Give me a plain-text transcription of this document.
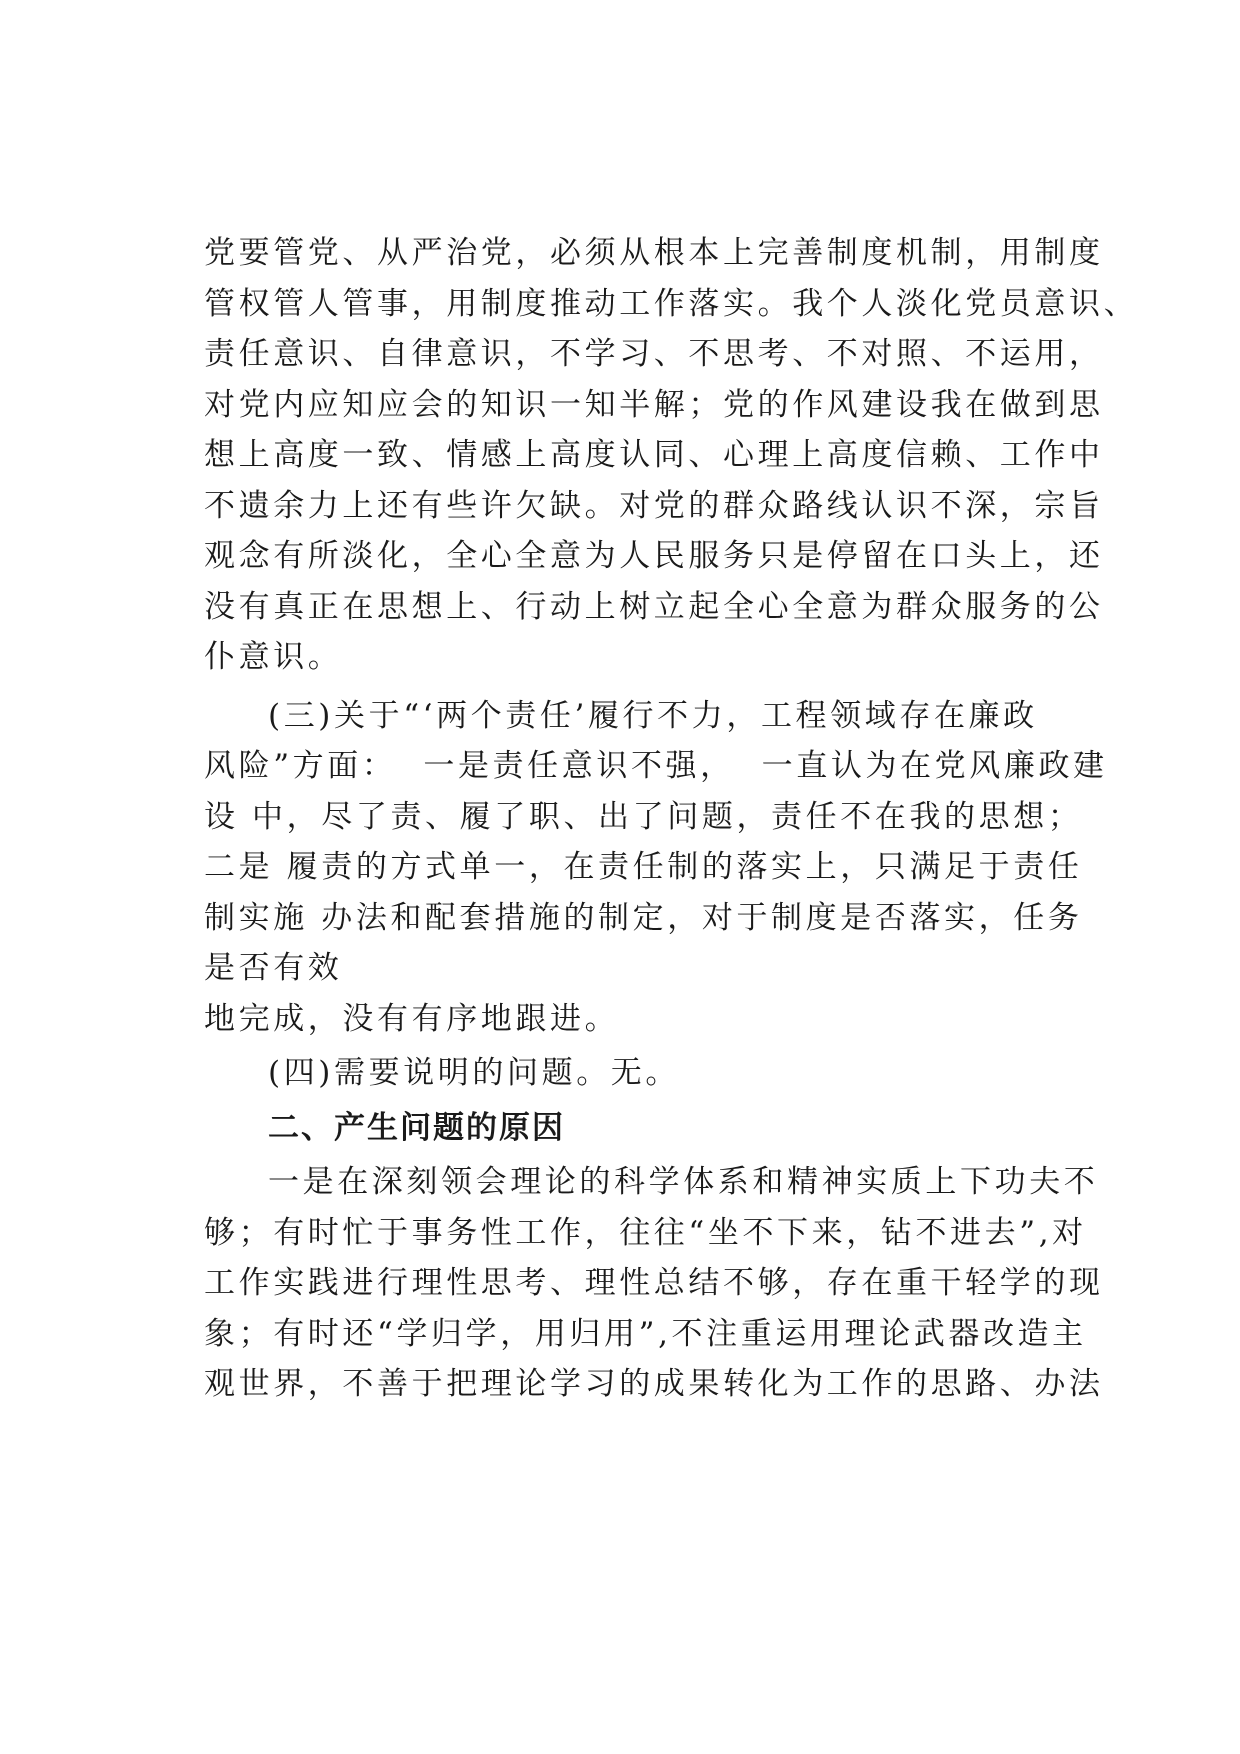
党要管党、从严治党，必须从根本上完善制度机制，用制度
管权管人管事，用制度推动工作落实。我个人淡化党员意识、
责任意识、自律意识，不学习、不思考、不对照、不运用，
对党内应知应会的知识一知半解；党的作风建设我在做到思
想上高度一致、情感上高度认同、心理上高度信赖、工作中
不遗余力上还有些许欠缺。对党的群众路线认识不深，宗旨
观念有所淡化，全心全意为人民服务只是停留在口头上，还
没有真正在思想上、行动上树立起全心全意为群众服务的公
仆意识。
(三)关于“‘两个责任’履行不力，工程领域存在廉政
风险”方面：  一是责任意识不强，  一直认为在党风廉政建
设 中，尽了责、履了职、出了问题，责任不在我的思想；
二是 履责的方式单一，在责任制的落实上，只满足于责任
制实施 办法和配套措施的制定，对于制度是否落实，任务
是否有效
地完成，没有有序地跟进。
(四)需要说明的问题。无。
二、产生问题的原因
一是在深刻领会理论的科学体系和精神实质上下功夫不
够；有时忙于事务性工作，往往“坐不下来，钻不进去”,对
工作实践进行理性思考、理性总结不够，存在重干轻学的现
象；有时还“学归学，用归用”,不注重运用理论武器改造主
观世界，不善于把理论学习的成果转化为工作的思路、办法
